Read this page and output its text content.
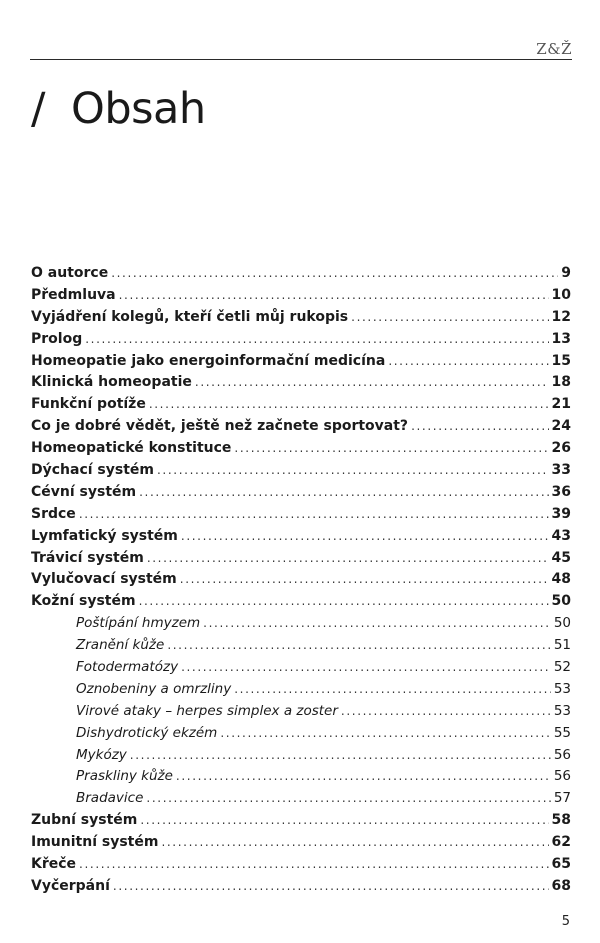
Z&Ž
/ Obsah
O autorce . . .	9
Předmluva . . .	10
Vyjádření kolegů, kteří četli můj rukopis . . .	12
Prolog . . .	13
Homeopatie jako energoinformační medicína . . .	15
Klinická homeopatie . . .	18
Funkční potíže . . .	21
Co je dobré vědět, ještě než začnete sportovat? . . .	24
Homeopatické konstituce . . .	26
Dýchací systém . . .	33
Cévní systém . . .	36
Srdce . . .	39
Lymfatický systém . . .	43
Trávicí systém . . .	45
Vylučovací systém . . .	48
Kožní systém . . .	50
Poštípání hmyzem . . .	50
Zranění kůže . . .	51
Fotodermatózy . . .	52
Oznobeniny a omrzliny . . .	53
Virové ataky – herpes simplex a zoster . . .	53
Dishydrotický ekzém . . .	55
Mykózy . . .	56
Praskliny kůže . . .	56
Bradavice . . .	57
Zubní systém . . .	58
Imunitní systém . . .	62
Křeče . . .	65
Vyčerpání . . .	68
5
